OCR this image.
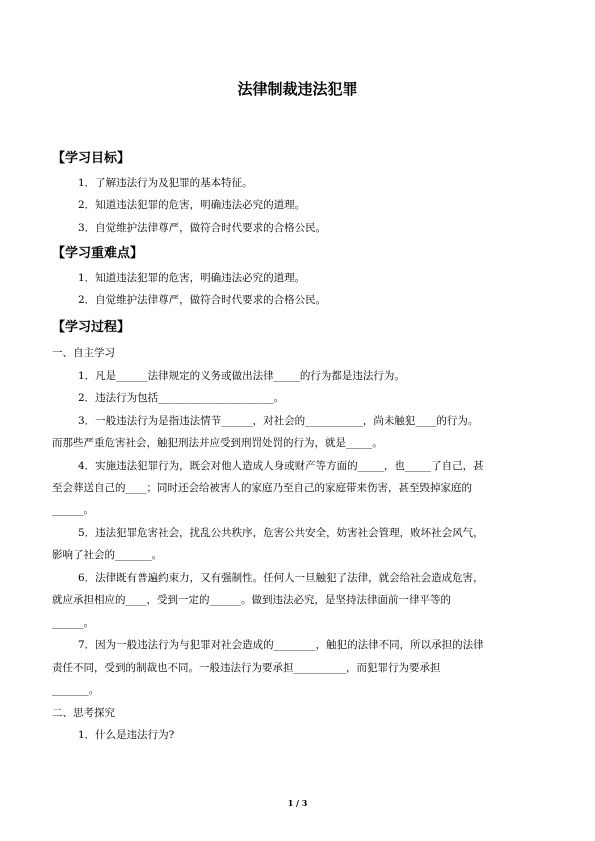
法律制裁违法犯罪
【学习目标】
1．了解违法行为及犯罪的基本特征。
2．知道违法犯罪的危害，明确违法必究的道理。
3．自觉维护法律尊严，做符合时代要求的合格公民。
【学习重难点】
1．知道违法犯罪的危害，明确违法必究的道理。
2．自觉维护法律尊严，做符合时代要求的合格公民。
【学习过程】
一、自主学习
1．凡是______法律规定的义务或做出法律_____的行为都是违法行为。
2．违法行为包括______________________。
3．一般违法行为是指违法情节______，对社会的___________，尚未触犯____的行为。
而那些严重危害社会，触犯刑法并应受到刑罚处罚的行为，就是_____。
4．实施违法犯罪行为，既会对他人造成人身或财产等方面的_____，也_____了自己，甚
至会葬送自己的____；同时还会给被害人的家庭乃至自己的家庭带来伤害，甚至毁掉家庭的
______。
5．违法犯罪危害社会，扰乱公共秩序，危害公共安全，妨害社会管理，败坏社会风气，
影响了社会的_______。
6．法律既有普遍约束力，又有强制性。任何人一旦触犯了法律，就会给社会造成危害，
就应承担相应的____，受到一定的______。做到违法必究，是坚持法律面前一律平等的
______。
7．因为一般违法行为与犯罪对社会造成的________，触犯的法律不同，所以承担的法律
责任不同，受到的制裁也不同。一般违法行为要承担__________，而犯罪行为要承担
_______。
二、思考探究
1．什么是违法行为?
1 / 3
